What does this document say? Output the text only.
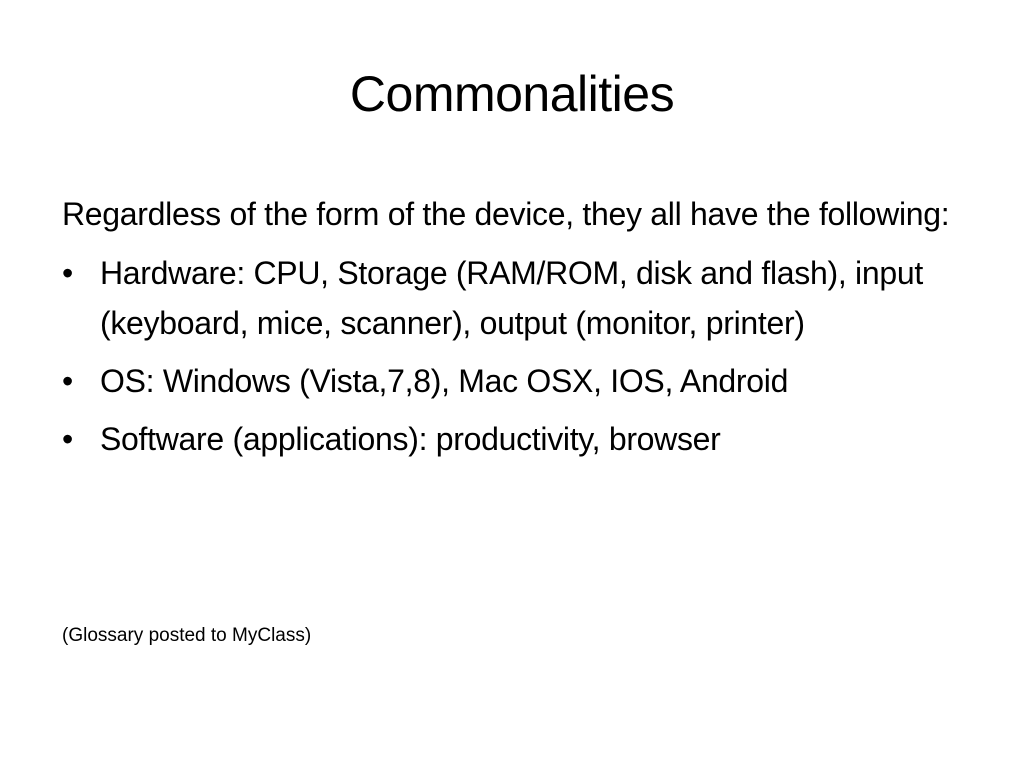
Commonalities

Regardless of the form of the device, they all have the following:

• Hardware: CPU, Storage (RAM/ROM, disk and flash), input (keyboard, mice, scanner), output (monitor, printer)
• OS: Windows (Vista,7,8), Mac OSX, IOS, Android
• Software (applications): productivity, browser
(Glossary posted to MyClass)
